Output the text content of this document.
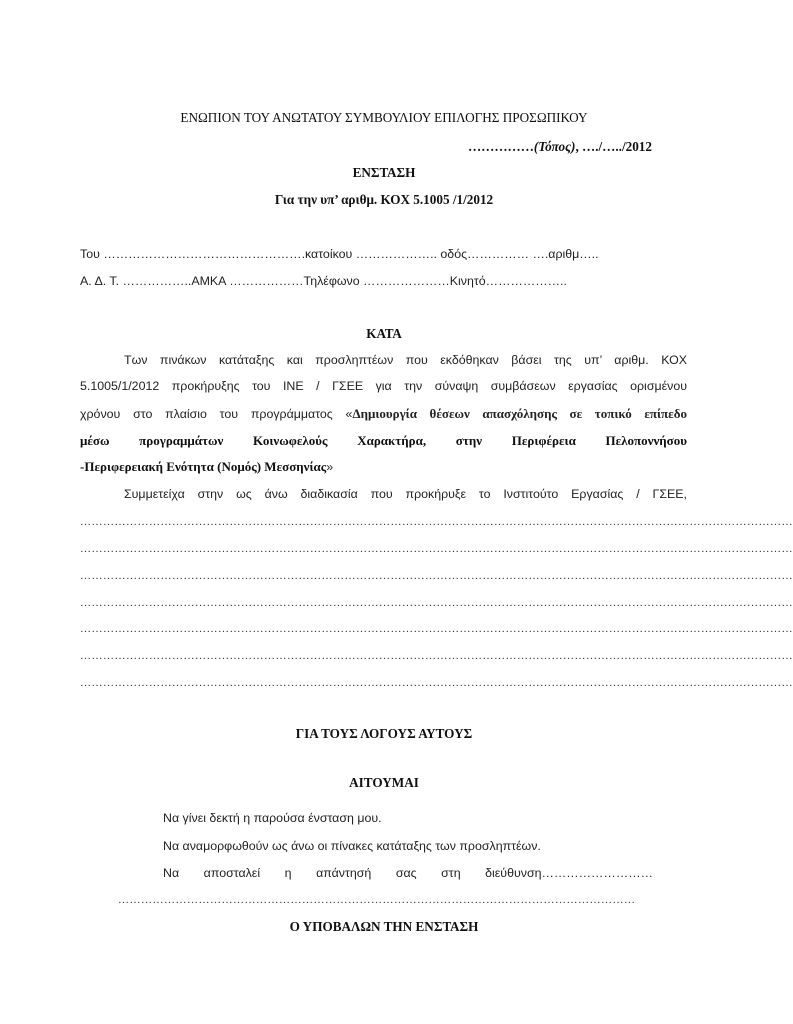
ΕΝΩΠΙΟΝ ΤΟΥ ΑΝΩΤΑΤΟΥ ΣΥΜΒΟΥΛΙΟΥ ΕΠΙΛΟΓΗΣ ΠΡΟΣΩΠΙΚΟΥ
……………(Τόπος), …./…../2012
ΕΝΣΤΑΣΗ
Για την υπ’ αριθμ. ΚΟΧ 5.1005 /1/2012
Του ………………………………………….κατοίκου ……………….. οδός…………… ….αριθμ…..
Α. Δ. Τ. ……………..ΑΜΚΑ ………………Τηλέφωνο …………………Κινητό………………..
ΚΑΤΑ
Των πινάκων κατάταξης και προσληπτέων που εκδόθηκαν βάσει της υπ’ αριθμ. ΚΟΧ
5.1005/1/2012 προκήρυξης του ΙΝΕ / ΓΣΕΕ για την σύναψη συμβάσεων εργασίας ορισμένου
χρόνου στο πλαίσιο του προγράμματος «Δημιουργία θέσεων απασχόλησης σε τοπικό επίπεδο
μέσω προγραμμάτων Κοινωφελούς Χαρακτήρα, στην Περιφέρεια Πελοποννήσου
-Περιφερειακή Ενότητα (Νομός) Μεσσηνίας»
Συμμετείχα στην ως άνω διαδικασία που προκήρυξε το Ινστιτούτο Εργασίας / ΓΣΕΕ,
……………………………………………………………………………………………………………………………………………………………………
……………………………………………………………………………………………………………………………………………………………………
……………………………………………………………………………………………………………………………………………………………………
……………………………………………………………………………………………………………………………………………………………………
……………………………………………………………………………………………………………………………………………………………………
……………………………………………………………………………………………………………………………………………………………………
……………………………………………………………………………………………………………………………………………………………………
ΓΙΑ ΤΟΥΣ ΛΟΓΟΥΣ ΑΥΤΟΥΣ
ΑΙΤΟΥΜΑΙ
Να γίνει δεκτή η παρούσα ένσταση μου.
Να αναμορφωθούν ως άνω οι πίνακες κατάταξης των προσληπτέων.
Να αποσταλεί η απάντησή σας στη διεύθυνση………………………
………………………………………………………………………………………………………………………
Ο ΥΠΟΒΑΛΩΝ ΤΗΝ ΕΝΣΤΑΣΗ
